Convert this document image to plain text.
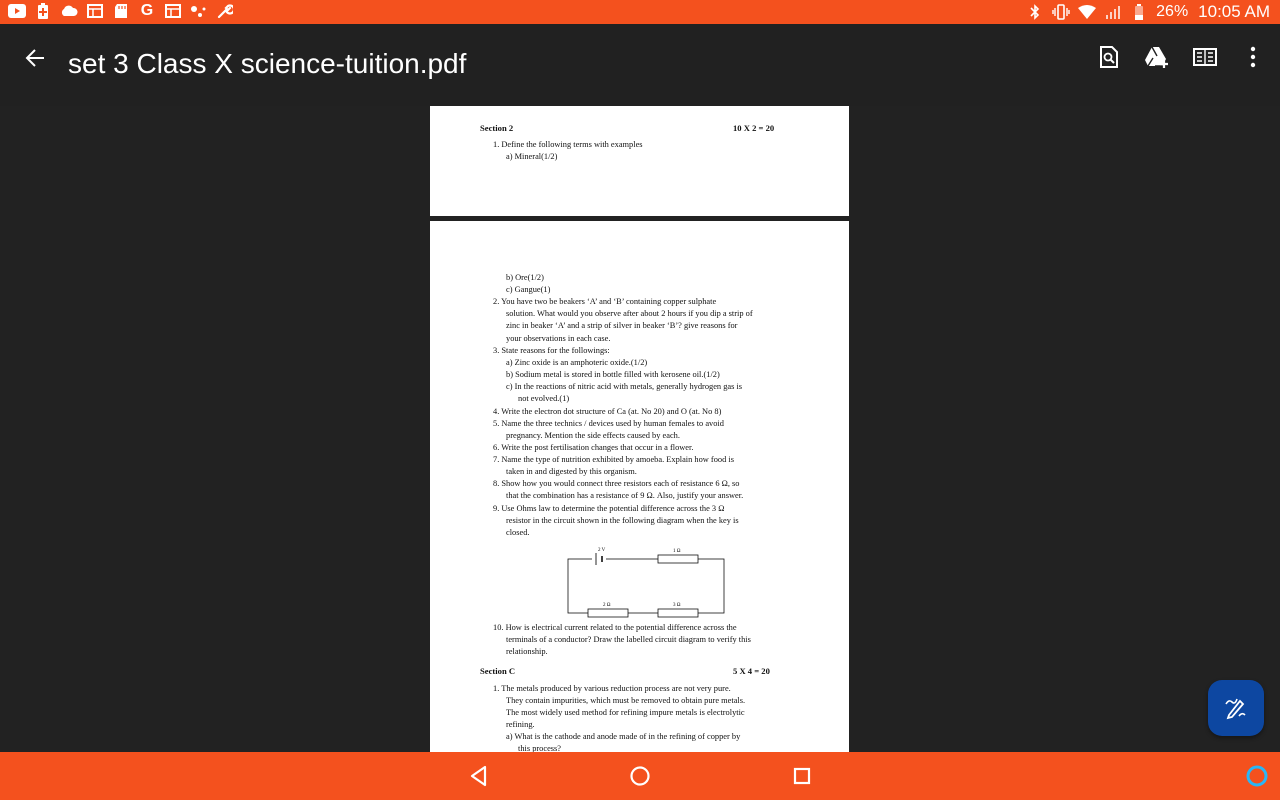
G	26% 10:05 AM
set 3 Class X science-tuition.pdf
Section 2	10 X 2 = 20
1. Define the following terms with examples
a) Mineral(1/2)
b) Ore(1/2)
c) Gangue(1)
2. You have two be beakers ‘A’ and ‘B’ containing copper sulphate
solution. What would you observe after about 2 hours if you dip a strip of
zinc in beaker ‘A’ and a strip of silver in beaker ‘B’? give reasons for
your observations in each case.
3. State reasons for the followings:
a) Zinc oxide is an amphoteric oxide.(1/2)
b) Sodium metal is stored in bottle filled with kerosene oil.(1/2)
c) In the reactions of nitric acid with metals, generally hydrogen gas is
not evolved.(1)
4. Write the electron dot structure of Ca (at. No 20) and O (at. No 8)
5. Name the three technics / devices used by human females to avoid
pregnancy. Mention the side effects caused by each.
6. Write the post fertilisation changes that occur in a flower.
7. Name the type of nutrition exhibited by amoeba. Explain how food is
taken in and digested by this organism.
8. Show how you would connect three resistors each of resistance 6 Ω, so
that the combination has a resistance of 9 Ω. Also, justify your answer.
9. Use Ohms law to determine the potential difference across the 3 Ω
resistor in the circuit shown in the following diagram when the key is
closed.
2 V	1 Ω
2 Ω	3 Ω
10. How is electrical current related to the potential difference across the
terminals of a conductor? Draw the labelled circuit diagram to verify this
relationship.
Section C	5 X 4 = 20
1. The metals produced by various reduction process are not very pure.
They contain impurities, which must be removed to obtain pure metals.
The most widely used method for refining impure metals is electrolytic
refining.
a) What is the cathode and anode made of in the refining of copper by
this process?
